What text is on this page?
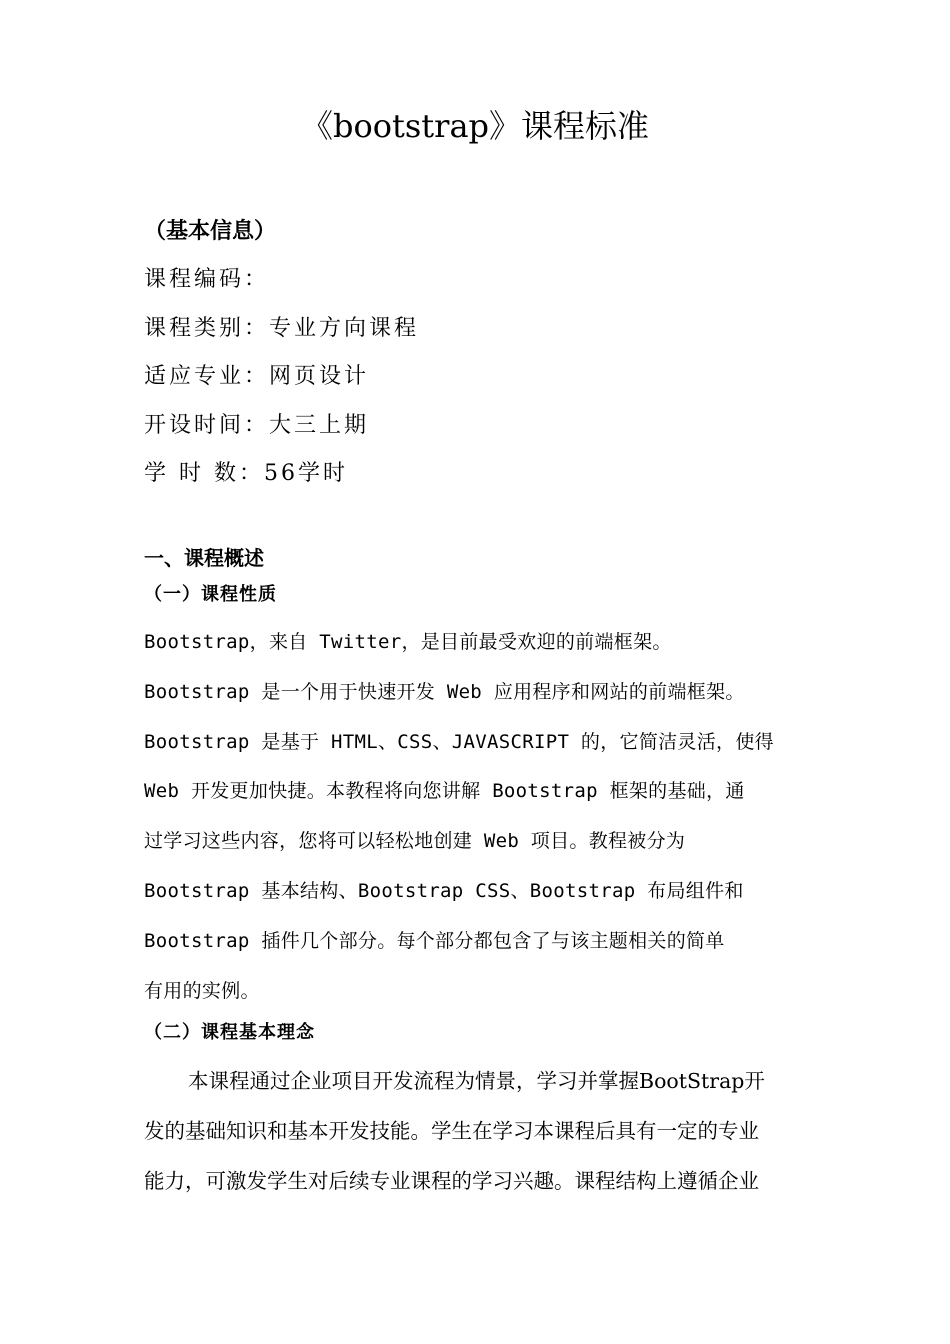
《bootstrap》课程标准
（基本信息）
课程编码：
课程类别：专业方向课程
适应专业：网页设计
开设时间：大三上期
学 时 数：56学时
一、课程概述
（一）课程性质
Bootstrap，来自 Twitter，是目前最受欢迎的前端框架。
Bootstrap 是一个用于快速开发 Web 应用程序和网站的前端框架。
Bootstrap 是基于 HTML、CSS、JAVASCRIPT 的，它简洁灵活，使得
Web 开发更加快捷。本教程将向您讲解 Bootstrap 框架的基础，通
过学习这些内容，您将可以轻松地创建 Web 项目。教程被分为
Bootstrap 基本结构、Bootstrap CSS、Bootstrap 布局组件和
Bootstrap 插件几个部分。每个部分都包含了与该主题相关的简单
有用的实例。
（二）课程基本理念
本课程通过企业项目开发流程为情景，学习并掌握BootStrap开
发的基础知识和基本开发技能。学生在学习本课程后具有一定的专业
能力，可激发学生对后续专业课程的学习兴趣。课程结构上遵循企业
